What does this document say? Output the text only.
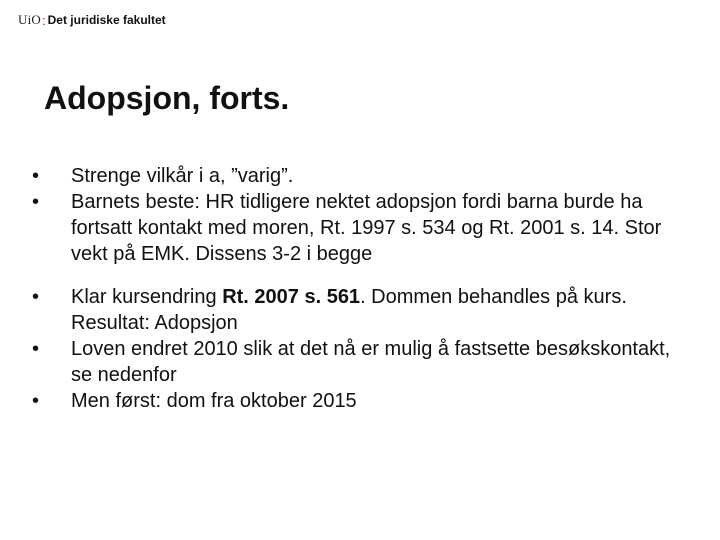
UiO : Det juridiske fakultet
Adopsjon, forts.
•	Strenge vilkår i a, ”varig”.
•	Barnets beste: HR tidligere nektet adopsjon fordi barna burde ha fortsatt kontakt med moren, Rt. 1997 s. 534 og Rt. 2001 s. 14. Stor vekt på EMK. Dissens 3-2 i begge
•	Klar kursendring Rt. 2007 s. 561. Dommen behandles på kurs. Resultat: Adopsjon
•	Loven endret 2010 slik at det nå er mulig å fastsette besøkskontakt, se nedenfor
•	Men først: dom fra oktober 2015
